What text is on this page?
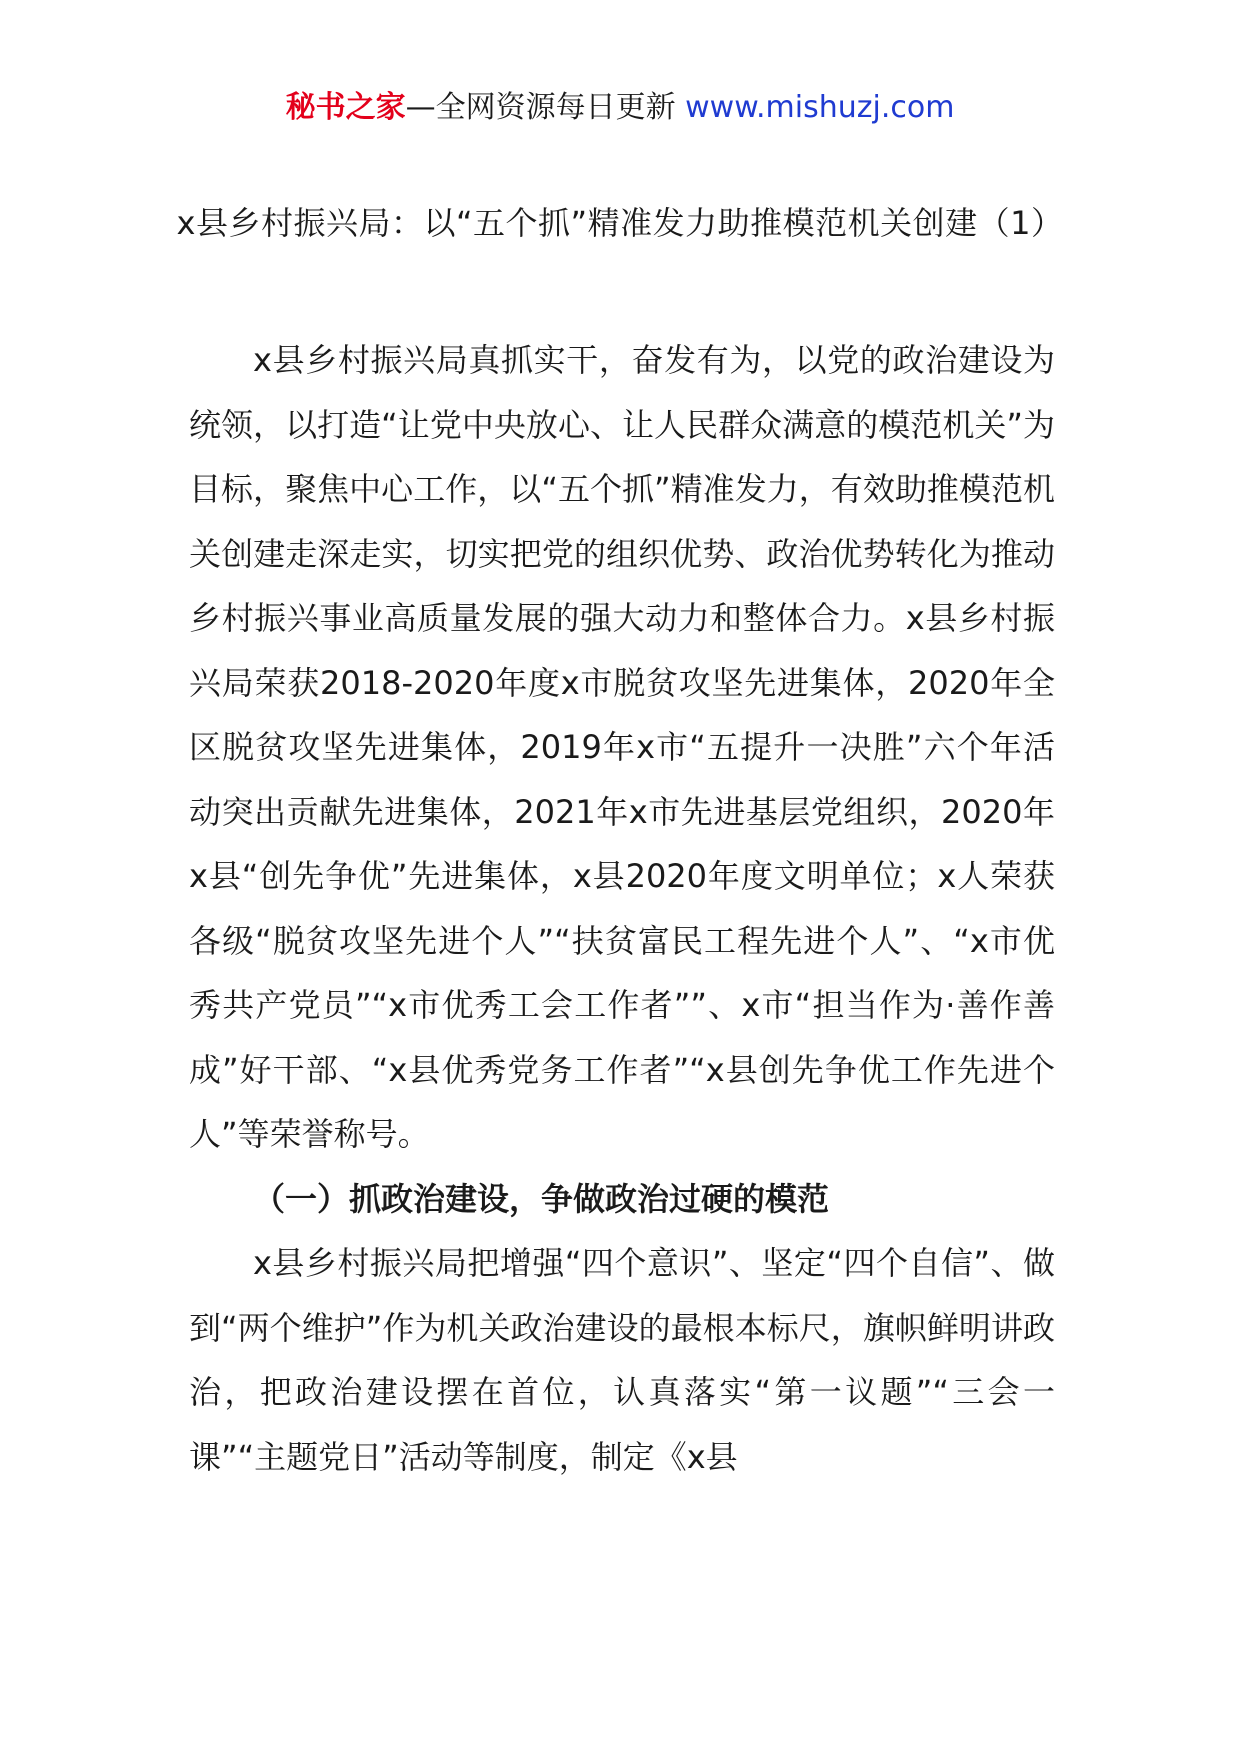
秘书之家—全网资源每日更新 www.mishuzj.com
x县乡村振兴局：以“五个抓”精准发力助推模范机关创建（1）

x县乡村振兴局真抓实干，奋发有为，以党的政治建设为统领，以打造“让党中央放心、让人民群众满意的模范机关”为目标，聚焦中心工作，以“五个抓”精准发力，有效助推模范机关创建走深走实，切实把党的组织优势、政治优势转化为推动乡村振兴事业高质量发展的强大动力和整体合力。x县乡村振兴局荣获2018-2020年度x市脱贫攻坚先进集体，2020年全区脱贫攻坚先进集体，2019年x市“五提升一决胜”六个年活动突出贡献先进集体，2021年x市先进基层党组织，2020年x县“创先争优”先进集体，x县2020年度文明单位；x人荣获各级“脱贫攻坚先进个人”“扶贫富民工程先进个人”、“x市优秀共产党员”“x市优秀工会工作者””、x市“担当作为·善作善成”好干部、“x县优秀党务工作者”“x县创先争优工作先进个人”等荣誉称号。

（一）抓政治建设，争做政治过硬的模范

x县乡村振兴局把增强“四个意识”、坚定“四个自信”、做到“两个维护”作为机关政治建设的最根本标尺，旗帜鲜明讲政治，把政治建设摆在首位，认真落实“第一议题”“三会一课”“主题党日”活动等制度，制定《x县
